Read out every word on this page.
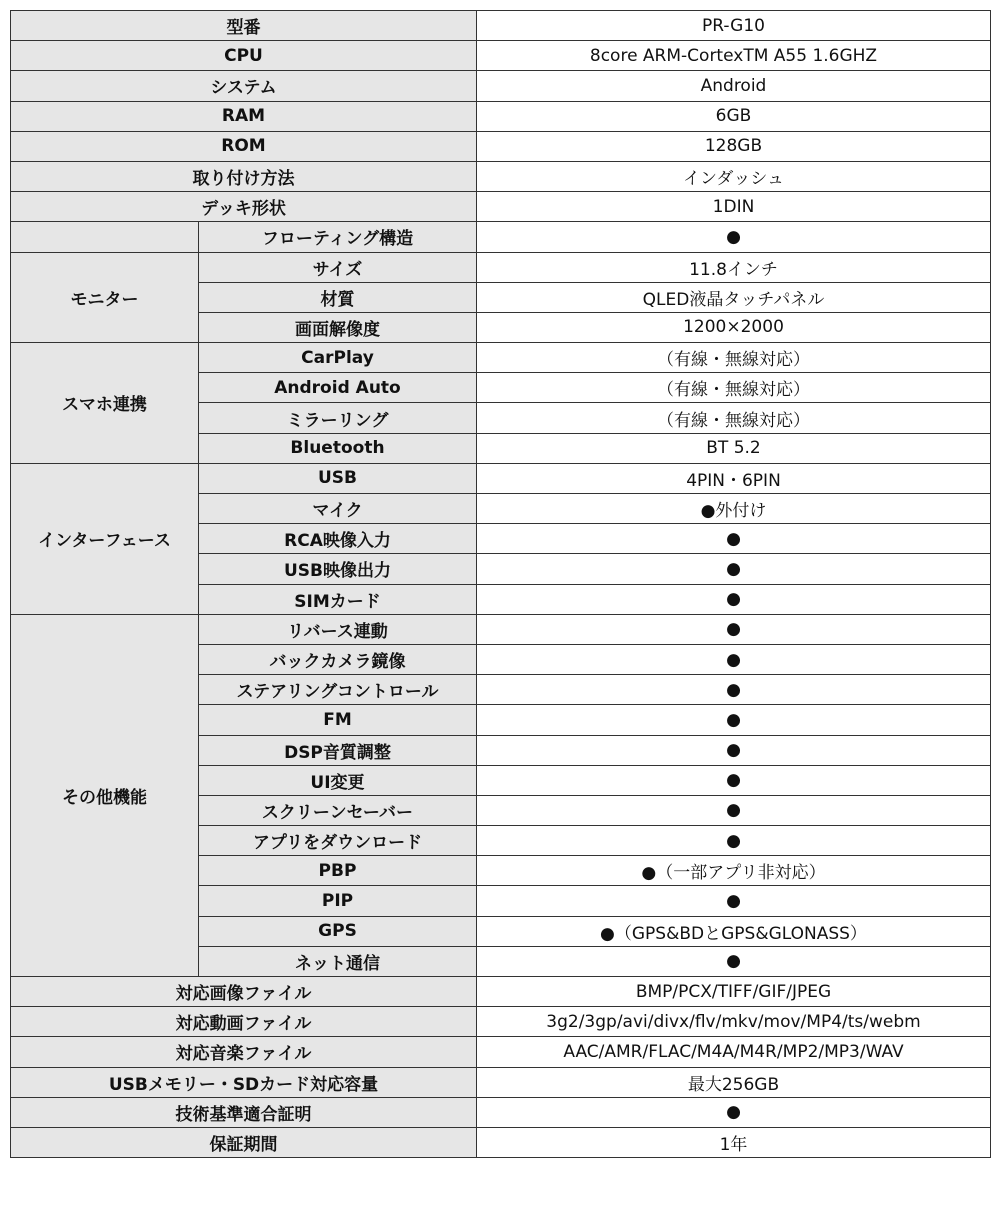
型番		PR-G10
CPU		8core ARM-CortexTM A55 1.6GHZ
システム		Android
RAM		6GB
ROM		128GB
取り付け方法		インダッシュ
デッキ形状		1DIN
	フローティング構造	●
モニター	サイズ	11.8インチ
	材質	QLED液晶タッチパネル
	画面解像度	1200×2000
スマホ連携	CarPlay	（有線・無線対応）
	Android Auto	（有線・無線対応）
	ミラーリング	（有線・無線対応）
	Bluetooth	BT 5.2
インターフェース	USB	4PIN・6PIN
	マイク	●外付け
	RCA映像入力	●
	USB映像出力	●
	SIMカード	●
その他機能	リバース連動	●
	バックカメラ鏡像	●
	ステアリングコントロール	●
	FM	●
	DSP音質調整	●
	UI変更	●
	スクリーンセーバー	●
	アプリをダウンロード	●
	PBP	●（一部アプリ非対応）
	PIP	●
	GPS	●（GPS&BDとGPS&GLONASS）
	ネット通信	●
対応画像ファイル		BMP/PCX/TIFF/GIF/JPEG
対応動画ファイル		3g2/3gp/avi/divx/flv/mkv/mov/MP4/ts/webm
対応音楽ファイル		AAC/AMR/FLAC/M4A/M4R/MP2/MP3/WAV
USBメモリー・SDカード対応容量		最大256GB
技術基準適合証明		●
保証期間		1年
